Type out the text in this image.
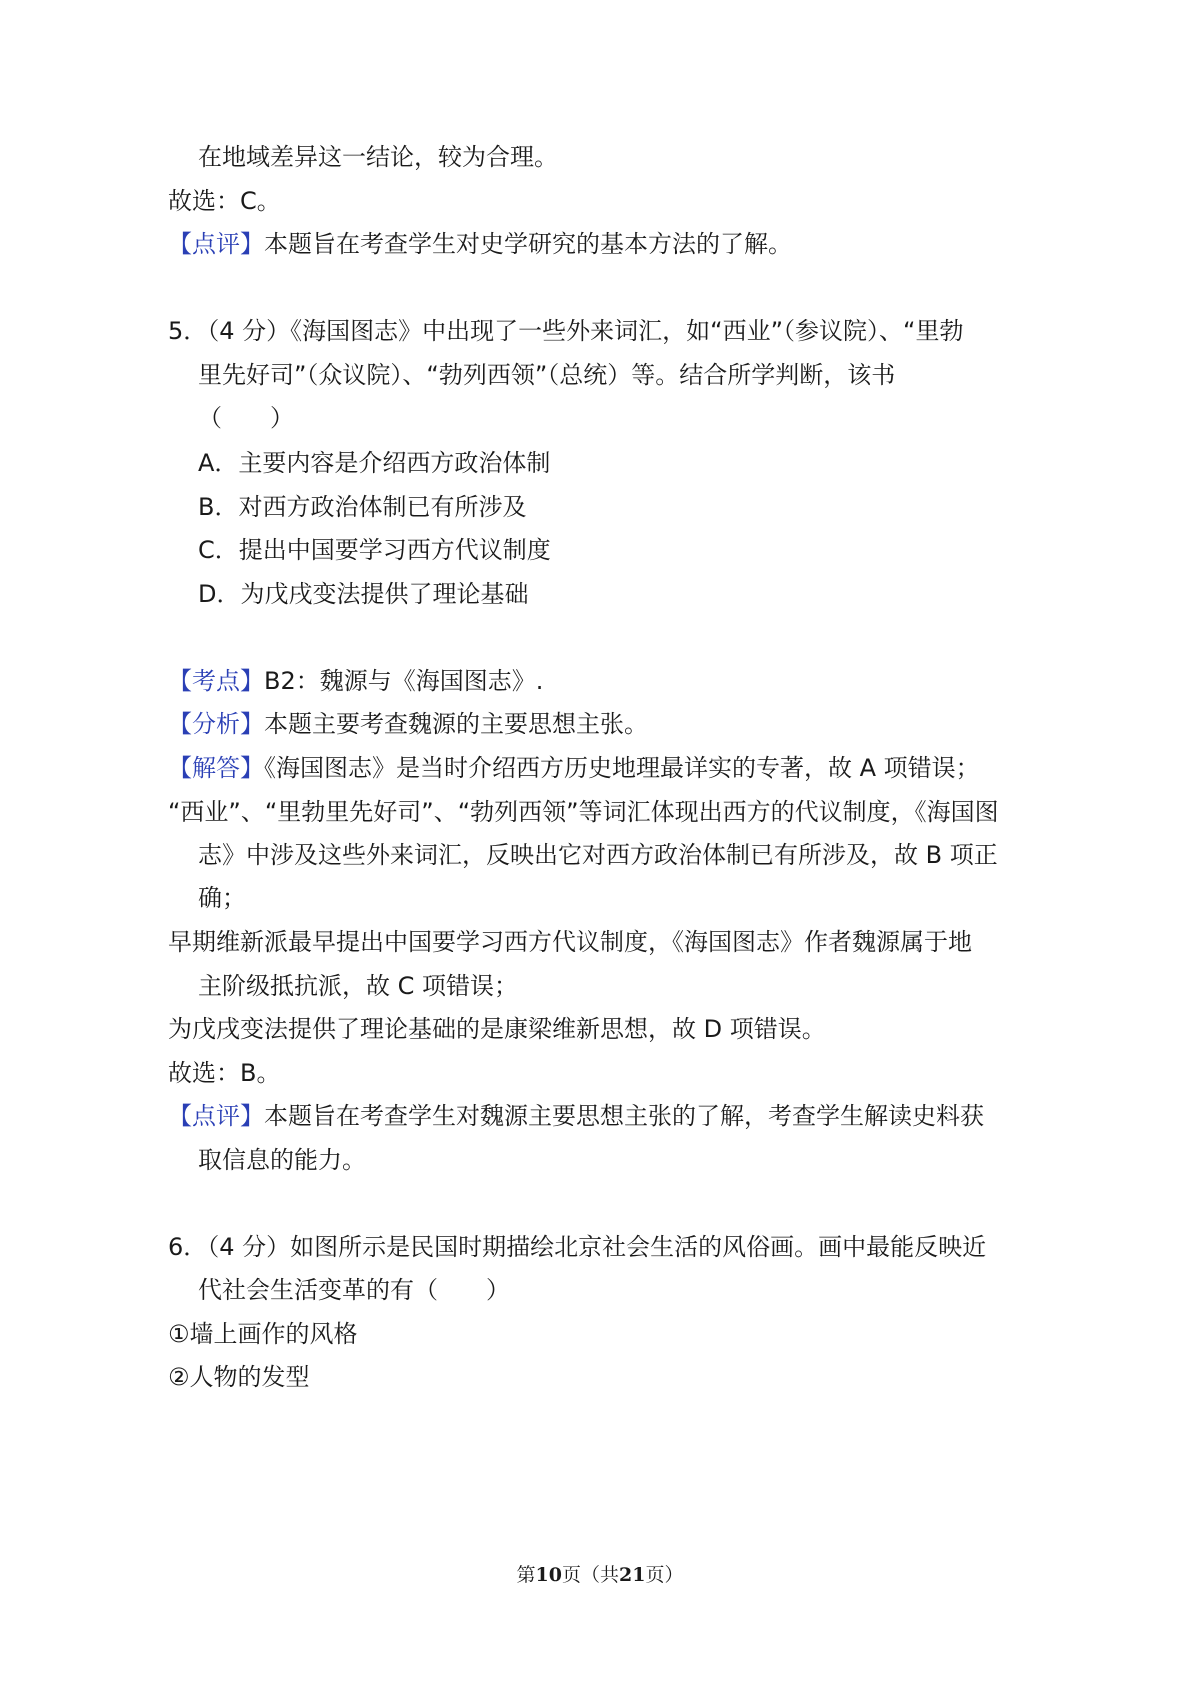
在地域差异这一结论，较为合理。
故选：C。
【点评】本题旨在考查学生对史学研究的基本方法的了解。
5．（4 分）《海国图志》中出现了一些外来词汇，如“西业”（参议院）、“里勃
里先好司”（众议院）、“勃列西领”（总统）等。结合所学判断，该书
（　　）
A．主要内容是介绍西方政治体制
B．对西方政治体制已有所涉及
C．提出中国要学习西方代议制度
D．为戊戌变法提供了理论基础
【考点】B2：魏源与《海国图志》.
【分析】本题主要考查魏源的主要思想主张。
【解答】《海国图志》是当时介绍西方历史地理最详实的专著，故 A 项错误；
“西业”、“里勃里先好司”、“勃列西领”等词汇体现出西方的代议制度，《海国图
志》中涉及这些外来词汇，反映出它对西方政治体制已有所涉及，故 B 项正
确；
早期维新派最早提出中国要学习西方代议制度，《海国图志》作者魏源属于地
主阶级抵抗派，故 C 项错误；
为戊戌变法提供了理论基础的是康梁维新思想，故 D 项错误。
故选：B。
【点评】本题旨在考查学生对魏源主要思想主张的了解，考查学生解读史料获
取信息的能力。
6．（4 分）如图所示是民国时期描绘北京社会生活的风俗画。画中最能反映近
代社会生活变革的有（　　）
①墙上画作的风格
②人物的发型
第10页（共21页）
